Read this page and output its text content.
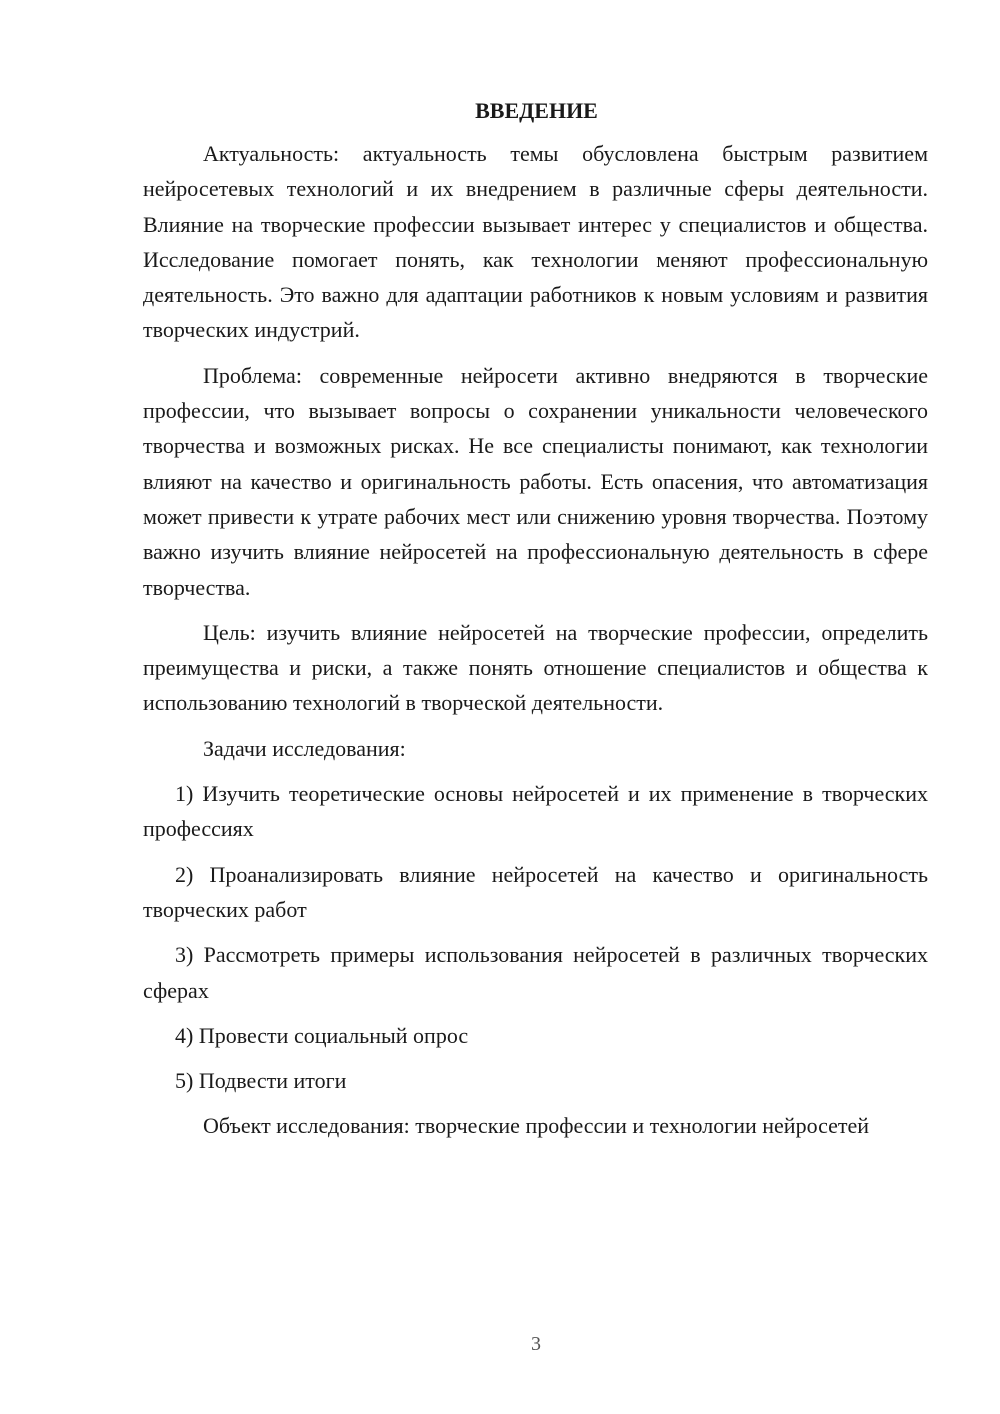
ВВЕДЕНИЕ

Актуальность: актуальность темы обусловлена быстрым развитием нейросетевых технологий и их внедрением в различные сферы деятельности. Влияние на творческие профессии вызывает интерес у специалистов и общества. Исследование помогает понять, как технологии меняют профессиональную деятельность. Это важно для адаптации работников к новым условиям и развития творческих индустрий.

Проблема: современные нейросети активно внедряются в творческие профессии, что вызывает вопросы о сохранении уникальности человеческого творчества и возможных рисках. Не все специалисты понимают, как технологии влияют на качество и оригинальность работы. Есть опасения, что автоматизация может привести к утрате рабочих мест или снижению уровня творчества. Поэтому важно изучить влияние нейросетей на профессиональную деятельность в сфере творчества.

Цель: изучить влияние нейросетей на творческие профессии, определить преимущества и риски, а также понять отношение специалистов и общества к использованию технологий в творческой деятельности.

Задачи исследования:

1) Изучить теоретические основы нейросетей и их применение в творческих профессиях

2) Проанализировать влияние нейросетей на качество и оригинальность творческих работ

3) Рассмотреть примеры использования нейросетей в различных творческих сферах

4) Провести социальный опрос

5) Подвести итоги

Объект исследования: творческие профессии и технологии нейросетей

3
